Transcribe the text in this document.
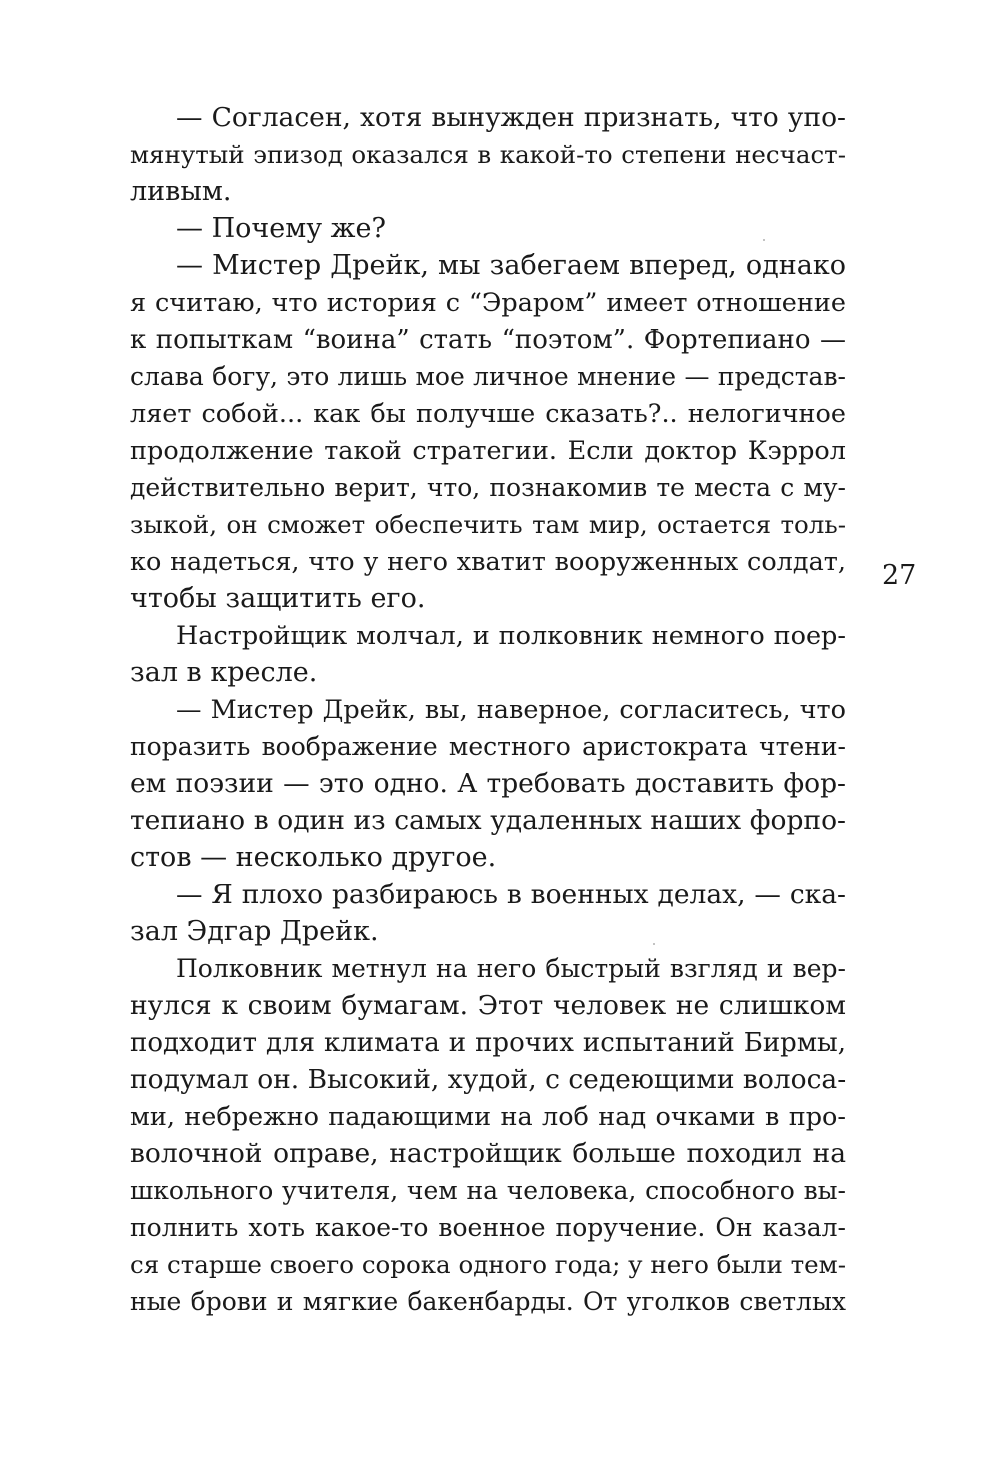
— Согласен, хотя вынужден признать, что упо-
мянутый эпизод оказался в какой-то степени несчаст-
ливым.
— Почему же?
— Мистер Дрейк, мы забегаем вперед, однако
я считаю, что история с “Эраром” имеет отношение
к попыткам “воина” стать “поэтом”. Фортепиано —
слава богу, это лишь мое личное мнение — представ-
ляет собой... как бы получше сказать?.. нелогичное
продолжение такой стратегии. Если доктор Кэррол
действительно верит, что, познакомив те места с му-
зыкой, он сможет обеспечить там мир, остается толь-
ко надеться, что у него хватит вооруженных солдат,
чтобы защитить его.
Настройщик молчал, и полковник немного поер-
зал в кресле.
— Мистер Дрейк, вы, наверное, согласитесь, что
поразить воображение местного аристократа чтени-
ем поэзии — это одно. А требовать доставить фор-
тепиано в один из самых удаленных наших форпо-
стов — несколько другое.
— Я плохо разбираюсь в военных делах, — ска-
зал Эдгар Дрейк.
Полковник метнул на него быстрый взгляд и вер-
нулся к своим бумагам. Этот человек не слишком
подходит для климата и прочих испытаний Бирмы,
подумал он. Высокий, худой, с седеющими волоса-
ми, небрежно падающими на лоб над очками в про-
волочной оправе, настройщик больше походил на
школьного учителя, чем на человека, способного вы-
полнить хоть какое-то военное поручение. Он казал-
ся старше своего сорока одного года; у него были тем-
ные брови и мягкие бакенбарды. От уголков светлых
27
